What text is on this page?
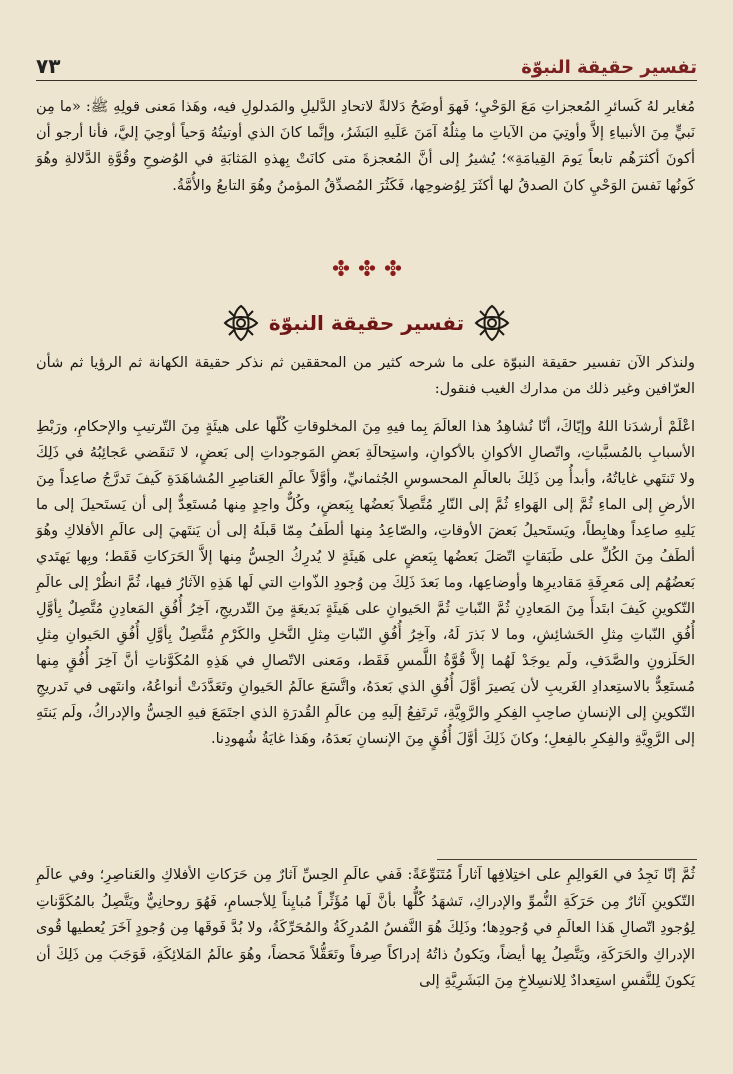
تفسير حقيقة النبوّة
٧٣

مُغاير لهُ كَسائرِ المُعجزاتِ مَعَ الوَحْيِ؛ فَهوَ أوضَحُ دَلالةً لاتحادِ الدَّليلِ والمَدلولِ فيه، وهَذا مَعنى قولِهِ ﷺ: «ما مِن نَبيٍّ مِنَ الأنبياءِ إلاَّ وأوتِيَ من الآياتِ ما مِثلُهُ آمَنَ عَلَيهِ البَشَرُ، وإنَّما كانَ الذي أوتيتُهُ وَحياً أوحِيَ إليَّ، فأنا أرجو أن أكونَ أكثرَهُم تابعاً يَومَ القِيامَةِ»؛ يُشيرُ إلى أنَّ المُعجزةَ متى كانَتْ بِهذهِ المَثابَةِ في الوُضوحِ وقُوَّةِ الدَّلالةِ وهُوَ كَونُها نَفسَ الوَحْيِ كانَ الصدقُ لها أكثَرَ لِوُضوحِها، فَكَثُرَ المُصدِّقُ المؤمنُ وهُوَ التابعُ والأُمَّةُ.

تفسير حقيقة النبوّة

ولنذكر الآن تفسير حقيقة النبوّة على ما شرحه كثير من المحققين ثم نذكر حقيقة الكهانة ثم الرؤيا ثم شأن العرّافين وغير ذلك من مدارك الغيب فنقول:

اعْلَمْ أرشدَنا اللهُ وإيّاكَ، أنّا نُشاهِدُ هذا العالَمَ بِما فيهِ مِنَ المخلوقاتِ كُلّها على هيئَةٍ مِنَ التّرتيبِ والإحكامِ، ورَبْطِ الأسبابِ بالمُسبَّباتِ، واتّصالِ الأكوانِ بالأكوانِ، واستِحالَةِ بَعضِ المَوجوداتِ إلى بَعضٍ، لا تَنقَضي عَجائِبُهُ في ذَلِكَ ولا تَنتَهي غاياتُهُ، وأبدأُ مِن ذَلِكَ بالعالَمِ المحسوسِ الجُثمانيِّ، وأوَّلاً عالَمِ العَناصِرِ المُشاهَدَةِ كَيفَ تَدرَّجُ صاعِداً مِنَ الأرضِ إلى الماءِ ثُمَّ إلى الهَواءِ ثُمَّ إلى النّارِ مُتَّصِلاً بَعضُها بِبَعضٍ، وكُلٌّ واحِدٍ مِنها مُستَعِدٌّ إلى أن يَستَحيلَ إلى ما يَليهِ صاعِداً وهابِطاً، ويَستَحيلُ بَعضَ الأوقاتِ، والصّاعِدُ مِنها ألطَفُ مِمّا قَبلَهُ إلى أن يَنتَهيَ إلى عالَمِ الأفلاكِ وهُوَ ألطَفُ مِنَ الكُلِّ على طَبَقاتٍ اتّصَلَ بَعضُها بِبَعضٍ على هَيئَةٍ لا يُدرِكُ الحِسُّ مِنها إلاَّ الحَرَكاتِ فَقَط؛ وبِها يَهتَدي بَعضُهُم إلى مَعرِفَةِ مَقاديرِها وأوضاعِها، وما بَعدَ ذَلِكَ مِن وُجودِ الذّواتِ التي لَها هَذِهِ الآثارُ فيها، ثُمَّ انظُرْ إلى عالَمِ التّكوينِ كَيفَ ابتَدأَ مِنَ المَعادِنِ ثُمَّ النّباتِ ثُمَّ الحَيوانِ على هَيئَةٍ بَديعَةٍ مِنَ التّدريجِ، آخِرُ أُفُقِ المَعادِنِ مُتَّصِلٌ بِأوَّلِ أُفُقِ النّباتِ مِثلِ الحَشائِشِ، وما لا بَذرَ لَهُ، وآخِرُ أُفُقِ النّباتِ مِثلِ النَّخلِ والكَرْمِ مُتَّصِلٌ بِأوَّلِ أُفُقِ الحَيوانِ مِثلِ الحَلَزونِ والصَّدَفِ، ولَم يوجَدْ لَهُما إلاَّ قُوَّةُ اللَّمسِ فَقَط، ومَعنى الاتّصالِ في هَذِهِ المُكَوَّناتِ أنَّ آخِرَ أُفُقٍ مِنها مُستَعِدٌّ بالاستِعدادِ الغَريبِ لأن يَصيرَ أوَّلَ أُفُقِ الذي بَعدَهُ، واتَّسَعَ عالَمُ الحَيوانِ وتَعَدَّدَتْ أنواعُهُ، وانتَهى في تَدريجِ التّكوينِ إلى الإنسانِ صاحِبِ الفِكرِ والرَّوِيَّةِ، تَرتَفِعُ إلَيهِ مِن عالَمِ القُدرَةِ الذي اجتَمَعَ فيهِ الحِسُّ والإدراكُ، ولَم يَنتَهِ إلى الرَّوِيَّةِ والفِكرِ بالفِعلِ؛ وكانَ ذَلِكَ أوَّلَ أُفُقٍ مِنَ الإنسانِ بَعدَهُ، وهَذا غايَةُ شُهودِنا.

ثُمَّ إنّا نَجِدُ في العَوالِمِ على اختِلافِها آثاراً مُتَنَوِّعَةً: فَفي عالَمِ الحِسِّ آثارٌ مِن حَرَكاتِ الأفلاكِ والعَناصِرِ؛ وفي عالَمِ التّكوينِ آثارٌ مِن حَرَكَةِ النُّموِّ والإدراكِ، تَشهَدُ كُلُّها بأنَّ لَها مُؤَثِّراً مُبايِناً لِلأجسامِ، فَهُوَ روحانِيٌّ ويَتَّصِلُ بالمُكَوَّناتِ لِوُجودِ اتّصالِ هَذا العالَمِ في وُجودِها؛ وذَلِكَ هُوَ النَّفسُ المُدرِكَةُ والمُحَرِّكَةُ، ولا بُدَّ فَوقَها مِن وُجودٍ آخَرَ يُعطيها قُوى الإدراكِ والحَرَكَةِ، ويَتَّصِلُ بِها أيضاً، ويَكونُ ذاتُهُ إدراكاً صِرفاً وتَعَقُّلاً مَحضاً، وهُوَ عالَمُ المَلائِكَةِ، فَوَجَبَ مِن ذَلِكَ أن يَكونَ لِلنَّفسِ استِعدادٌ لِلانسِلاخِ مِنَ البَشَرِيَّةِ إلى
